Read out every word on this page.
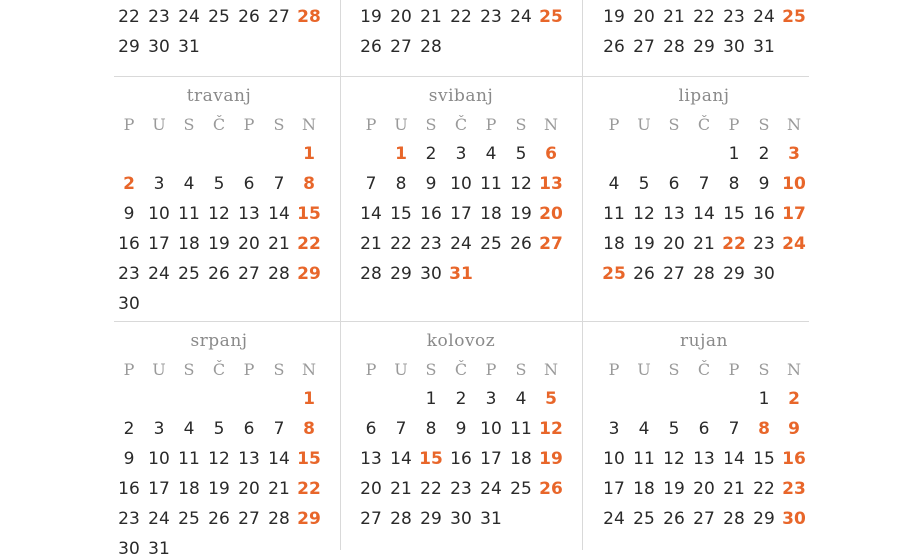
22 23 24 25 26 27 28
29 30 31
19 20 21 22 23 24 25
26 27 28
19 20 21 22 23 24 25
26 27 28 29 30 31
travanj
P U S Č P S N
1
2 3 4 5 6 7 8
9 10 11 12 13 14 15
16 17 18 19 20 21 22
23 24 25 26 27 28 29
30
svibanj
P U S Č P S N
1 2 3 4 5 6
7 8 9 10 11 12 13
14 15 16 17 18 19 20
21 22 23 24 25 26 27
28 29 30 31
lipanj
P U S Č P S N
1 2 3
4 5 6 7 8 9 10
11 12 13 14 15 16 17
18 19 20 21 22 23 24
25 26 27 28 29 30
srpanj
P U S Č P S N
1
2 3 4 5 6 7 8
9 10 11 12 13 14 15
16 17 18 19 20 21 22
23 24 25 26 27 28 29
30 31
kolovoz
P U S Č P S N
1 2 3 4 5
6 7 8 9 10 11 12
13 14 15 16 17 18 19
20 21 22 23 24 25 26
27 28 29 30 31
rujan
P U S Č P S N
1 2
3 4 5 6 7 8 9
10 11 12 13 14 15 16
17 18 19 20 21 22 23
24 25 26 27 28 29 30
